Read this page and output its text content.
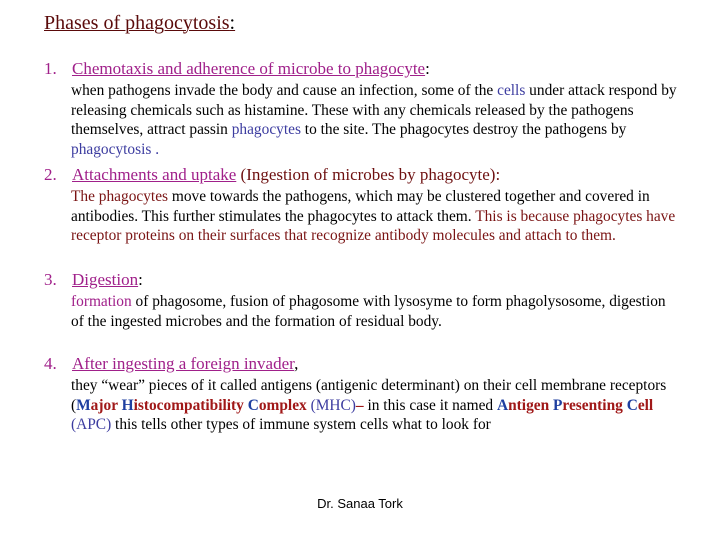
Phases of phagocytosis:
1. Chemotaxis and adherence of microbe to phagocyte:
when pathogens invade the body and cause an infection, some of the cells under attack respond by releasing chemicals such as histamine. These with any chemicals released by the pathogens themselves, attract passin phagocytes to the site. The phagocytes destroy the pathogens by phagocytosis .
2. Attachments and uptake (Ingestion of microbes by phagocyte):
The phagocytes move towards the pathogens, which may be clustered together and covered in antibodies. This further stimulates the phagocytes to attack them. This is because phagocytes have receptor proteins on their surfaces that recognize antibody molecules and attach to them.
3. Digestion:
formation of phagosome, fusion of phagosome with lysosyme to form phagolysosome, digestion of the ingested microbes and the formation of residual body.
4. After ingesting a foreign invader,
they “wear” pieces of it called antigens (antigenic determinant) on their cell membrane receptors (Major Histocompatibility Complex (MHC)– in this case it named Antigen Presenting Cell (APC) this tells other types of immune system cells what to look for
Dr. Sanaa Tork
